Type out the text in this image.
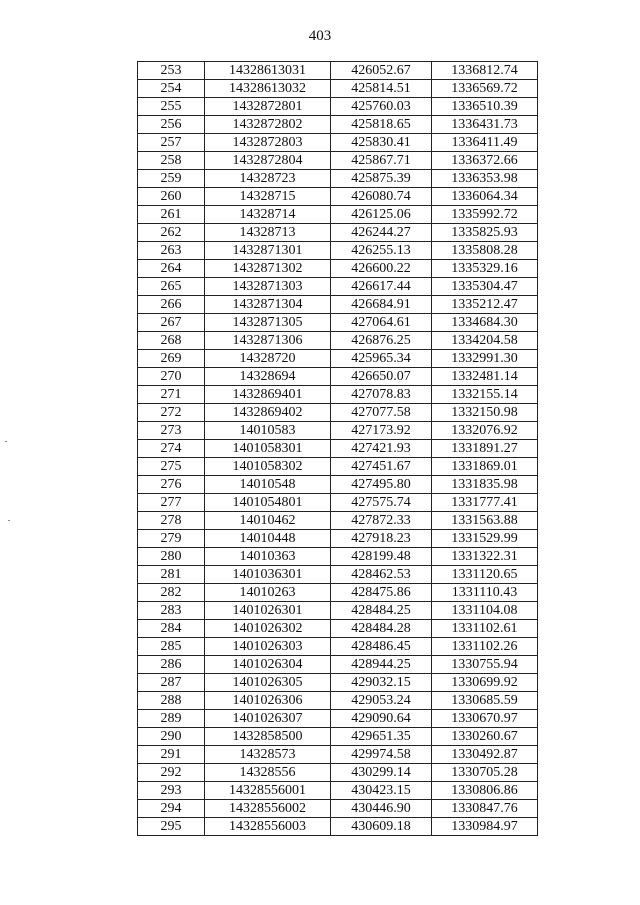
403
253	14328613031	426052.67	1336812.74
254	14328613032	425814.51	1336569.72
255	1432872801	425760.03	1336510.39
256	1432872802	425818.65	1336431.73
257	1432872803	425830.41	1336411.49
258	1432872804	425867.71	1336372.66
259	14328723	425875.39	1336353.98
260	14328715	426080.74	1336064.34
261	14328714	426125.06	1335992.72
262	14328713	426244.27	1335825.93
263	1432871301	426255.13	1335808.28
264	1432871302	426600.22	1335329.16
265	1432871303	426617.44	1335304.47
266	1432871304	426684.91	1335212.47
267	1432871305	427064.61	1334684.30
268	1432871306	426876.25	1334204.58
269	14328720	425965.34	1332991.30
270	14328694	426650.07	1332481.14
271	1432869401	427078.83	1332155.14
272	1432869402	427077.58	1332150.98
273	14010583	427173.92	1332076.92
274	1401058301	427421.93	1331891.27
275	1401058302	427451.67	1331869.01
276	14010548	427495.80	1331835.98
277	1401054801	427575.74	1331777.41
278	14010462	427872.33	1331563.88
279	14010448	427918.23	1331529.99
280	14010363	428199.48	1331322.31
281	1401036301	428462.53	1331120.65
282	14010263	428475.86	1331110.43
283	1401026301	428484.25	1331104.08
284	1401026302	428484.28	1331102.61
285	1401026303	428486.45	1331102.26
286	1401026304	428944.25	1330755.94
287	1401026305	429032.15	1330699.92
288	1401026306	429053.24	1330685.59
289	1401026307	429090.64	1330670.97
290	1432858500	429651.35	1330260.67
291	14328573	429974.58	1330492.87
292	14328556	430299.14	1330705.28
293	14328556001	430423.15	1330806.86
294	14328556002	430446.90	1330847.76
295	14328556003	430609.18	1330984.97
